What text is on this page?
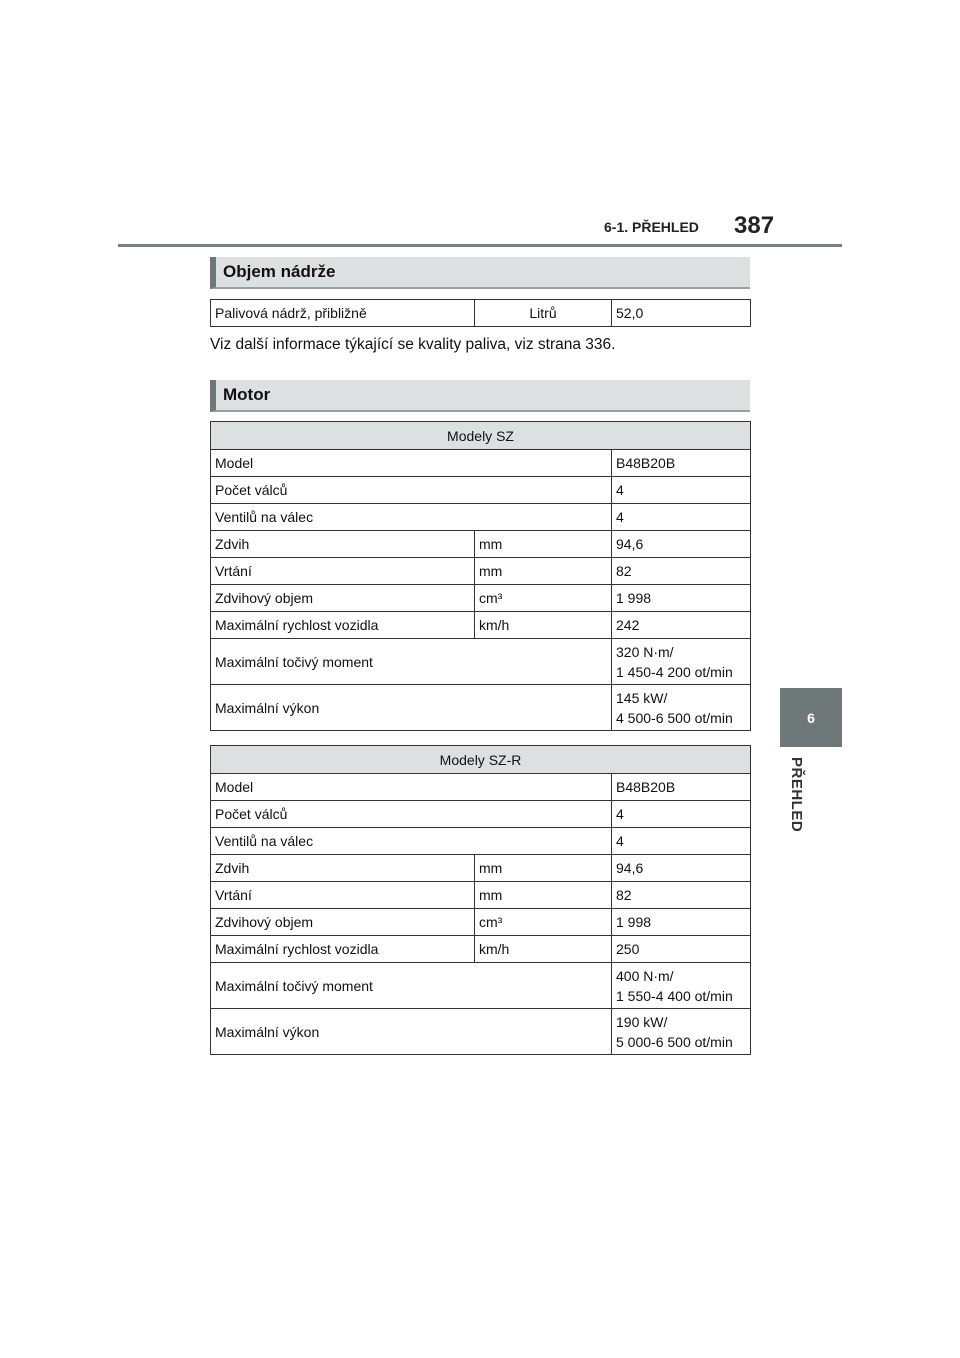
6-1. PŘEHLED 387
6
PŘEHLED
Objem nádrže
Palivová nádrž, přibližně	Litrů	52,0
Viz další informace týkající se kvality paliva, viz strana 336.
Motor
Modely SZ		
Model		B48B20B
Počet válců		4
Ventilů na válec		4
Zdvih	mm	94,6
Vrtání	mm	82
Zdvihový objem	cm³	1 998
Maximální rychlost vozidla	km/h	242
Maximální točivý moment		320 N·m/
1 450-4 200 ot/min

Maximální výkon		145 kW/
4 500-6 500 ot/min
Modely SZ-R		
Model		B48B20B
Počet válců		4
Ventilů na válec		4
Zdvih	mm	94,6
Vrtání	mm	82
Zdvihový objem	cm³	1 998
Maximální rychlost vozidla	km/h	250
Maximální točivý moment		400 N·m/
1 550-4 400 ot/min

Maximální výkon		190 kW/
5 000-6 500 ot/min
